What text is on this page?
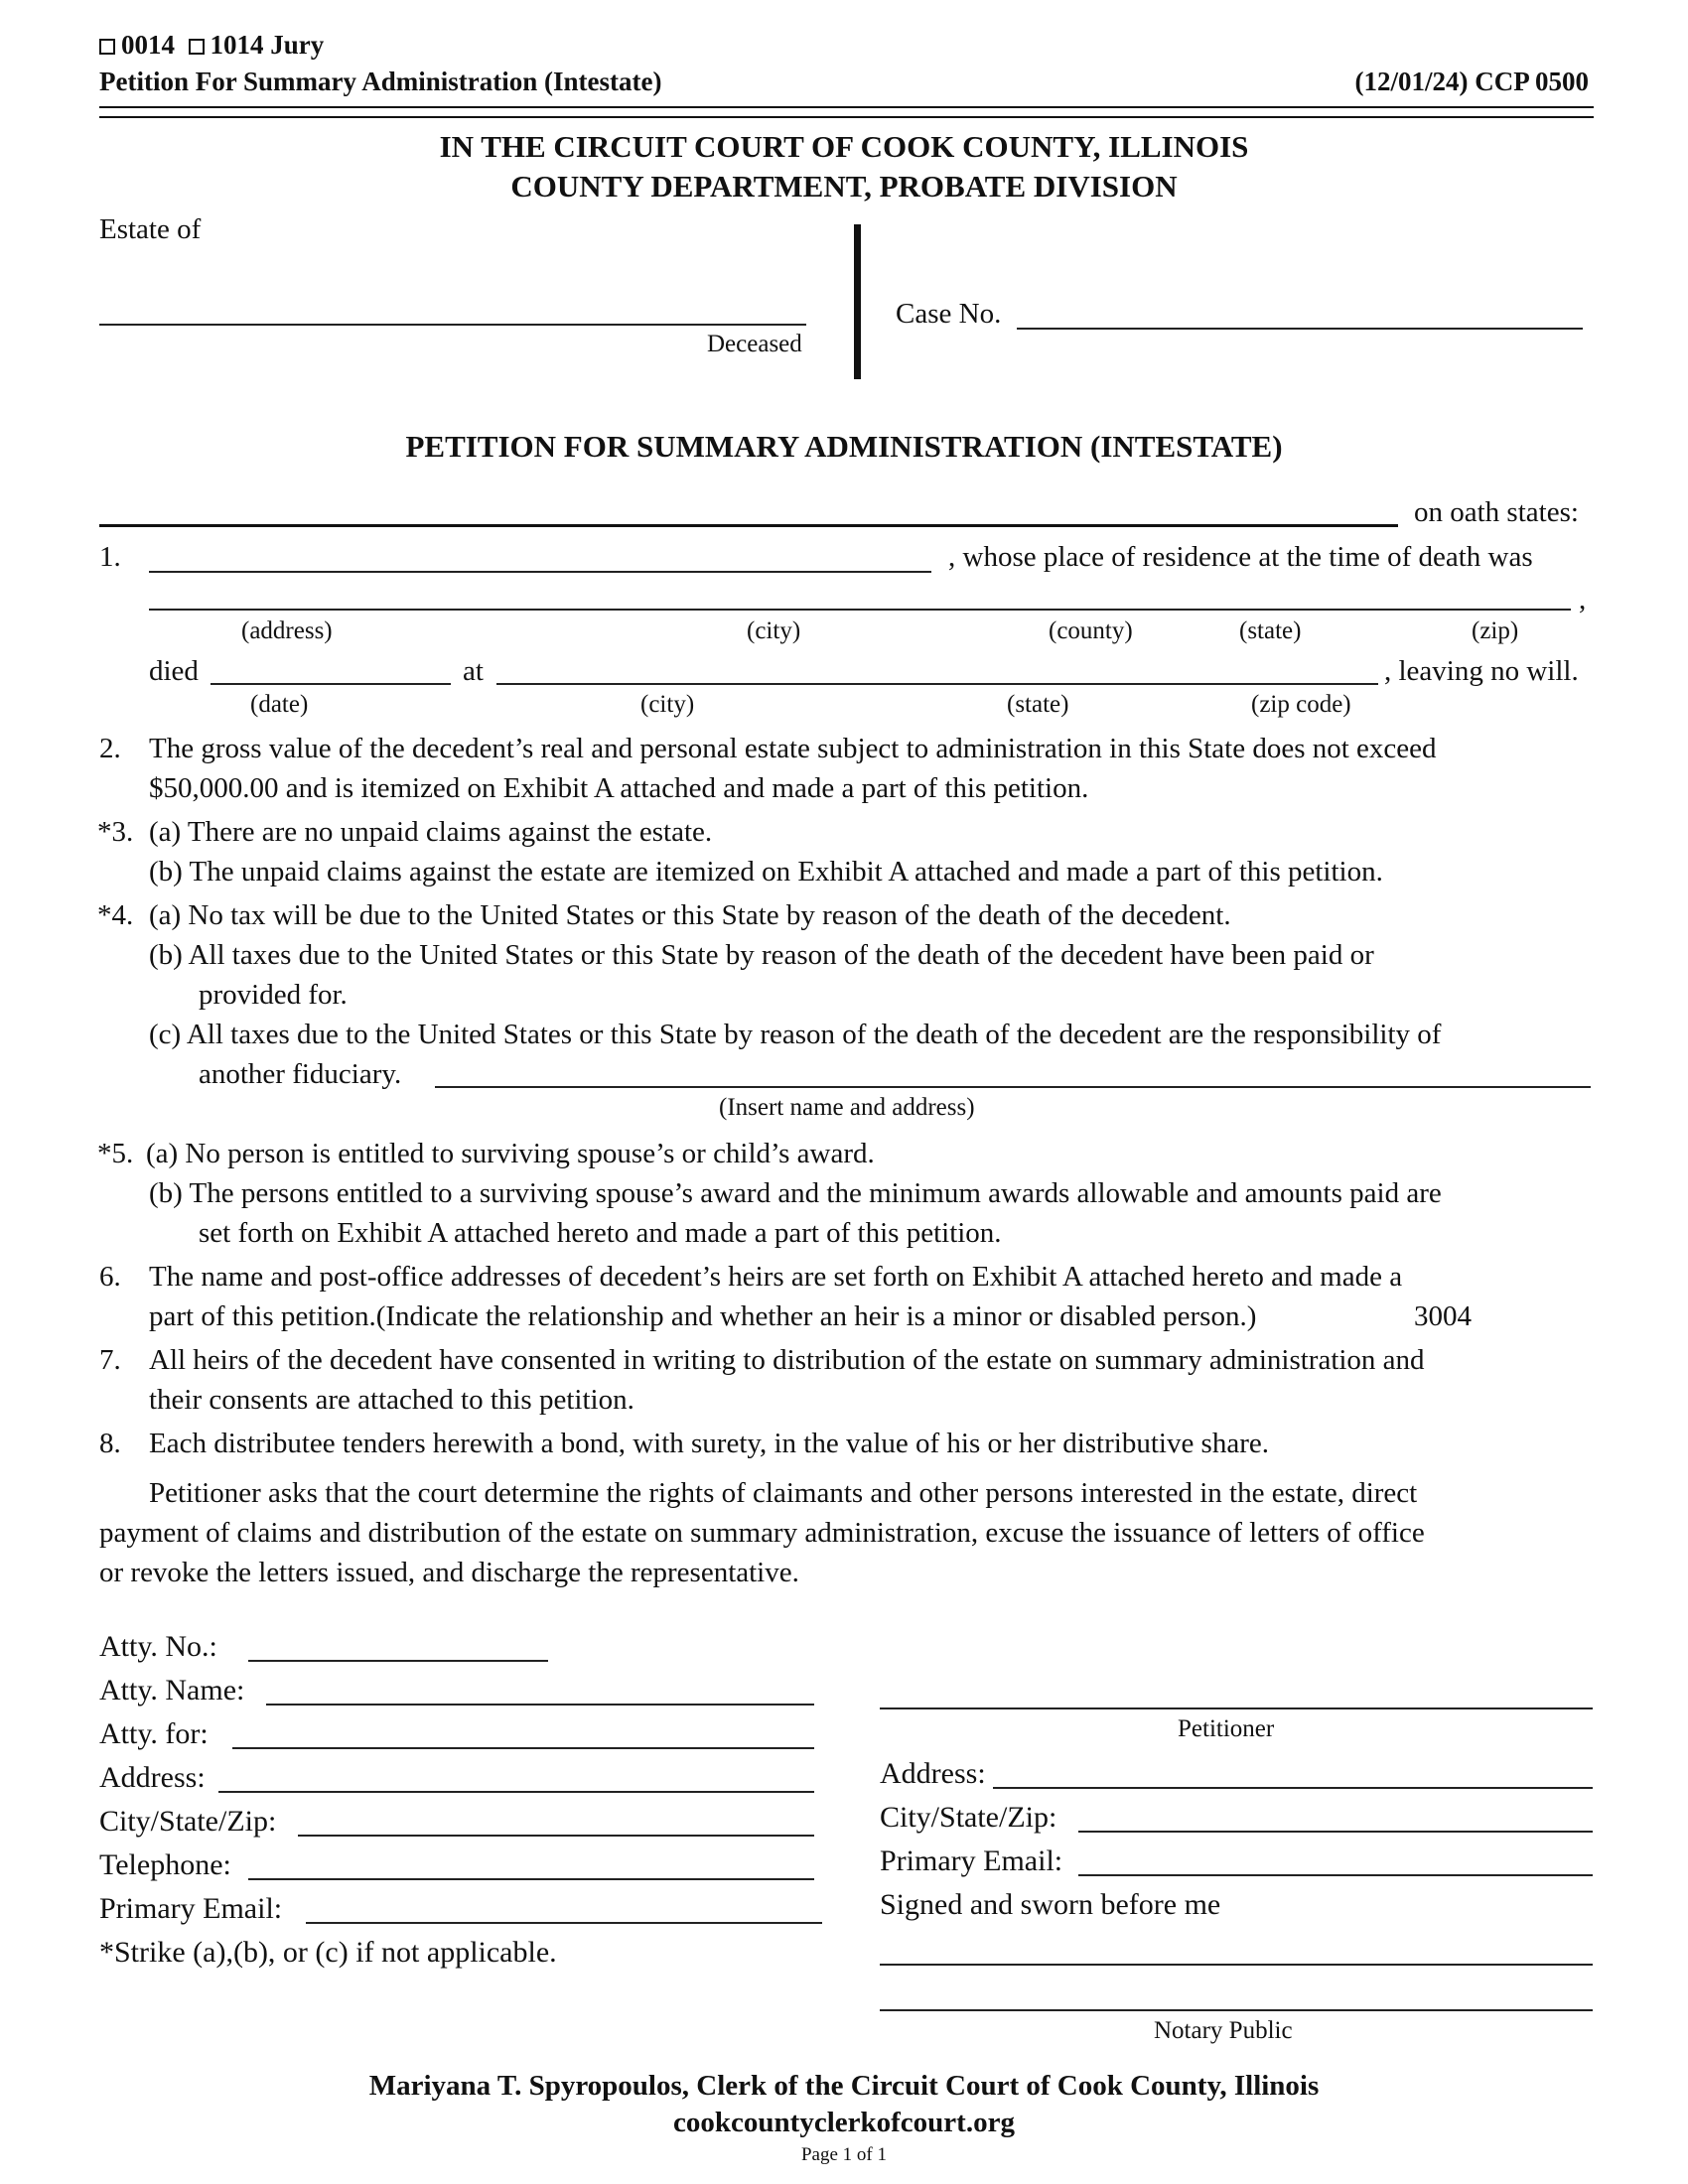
0014 1014 Jury
Petition For Summary Administration (Intestate)	(12/01/24) CCP 0500
IN THE CIRCUIT COURT OF COOK COUNTY, ILLINOIS
COUNTY DEPARTMENT, PROBATE DIVISION
Estate of
Deceased
Case No.
PETITION FOR SUMMARY ADMINISTRATION (INTESTATE)
on oath states:
1.	, whose place of residence at the time of death was
,
(address)	(city)	(county)	(state)	(zip)
died	at	, leaving no will.
(date)	(city)	(state)	(zip code)
2. The gross value of the decedent’s real and personal estate subject to administration in this State does not exceed
$50,000.00 and is itemized on Exhibit A attached and made a part of this petition.
*3. (a) There are no unpaid claims against the estate.
(b) The unpaid claims against the estate are itemized on Exhibit A attached and made a part of this petition.
*4. (a) No tax will be due to the United States or this State by reason of the death of the decedent.
(b) All taxes due to the United States or this State by reason of the death of the decedent have been paid or
provided for.
(c) All taxes due to the United States or this State by reason of the death of the decedent are the responsibility of
another fiduciary.
(Insert name and address)
*5. (a) No person is entitled to surviving spouse’s or child’s award.
(b) The persons entitled to a surviving spouse’s award and the minimum awards allowable and amounts paid are
set forth on Exhibit A attached hereto and made a part of this petition.
6. The name and post-office addresses of decedent’s heirs are set forth on Exhibit A attached hereto and made a
part of this petition.(Indicate the relationship and whether an heir is a minor or disabled person.)	3004
7. All heirs of the decedent have consented in writing to distribution of the estate on summary administration and
their consents are attached to this petition.
8. Each distributee tenders herewith a bond, with surety, in the value of his or her distributive share.
Petitioner asks that the court determine the rights of claimants and other persons interested in the estate, direct
payment of claims and distribution of the estate on summary administration, excuse the issuance of letters of office
or revoke the letters issued, and discharge the representative.
Atty. No.:
Atty. Name:
Atty. for:
Address:
City/State/Zip:
Telephone:
Primary Email:
*Strike (a),(b), or (c) if not applicable.
Petitioner
Address:
City/State/Zip:
Primary Email:
Signed and sworn before me
Notary Public
Mariyana T. Spyropoulos, Clerk of the Circuit Court of Cook County, Illinois
cookcountyclerkofcourt.org
Page 1 of 1
